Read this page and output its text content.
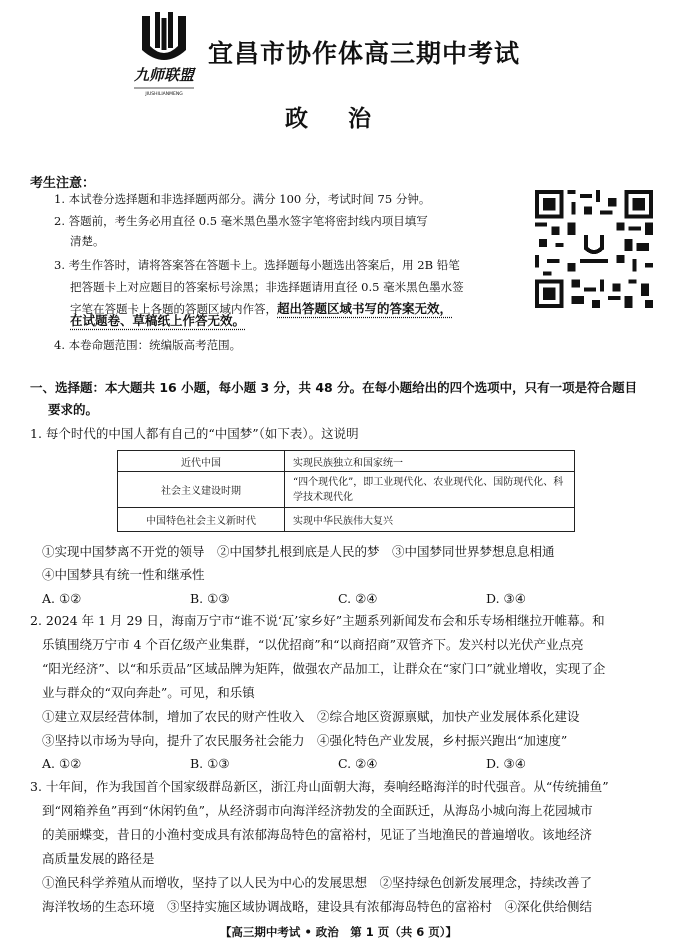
九师联盟
JIUSHILIANMENG
宜昌市协作体高三期中考试
政治
考生注意：
1. 本试卷分选择题和非选择题两部分。满分 100 分，考试时间 75 分钟。
2. 答题前，考生务必用直径 0.5 毫米黑色墨水签字笔将密封线内项目填写
清楚。
3. 考生作答时，请将答案答在答题卡上。选择题每小题选出答案后，用 2B 铅笔
把答题卡上对应题目的答案标号涂黑；非选择题请用直径 0.5 毫米黑色墨水签
字笔在答题卡上各题的答题区域内作答，超出答题区域书写的答案无效，
在试题卷、草稿纸上作答无效。
4. 本卷命题范围：统编版高考范围。
一、选择题：本大题共 16 小题，每小题 3 分，共 48 分。在每小题给出的四个选项中，只有一项是符合题目
要求的。
1. 每个时代的中国人都有自己的“中国梦”（如下表）。这说明
近代中国	实现民族独立和国家统一
社会主义建设时期	“四个现代化”，即工业现代化、农业现代化、国防现代化、科学技术现代化
中国特色社会主义新时代	实现中华民族伟大复兴
①实现中国梦离不开党的领导　②中国梦扎根到底是人民的梦　③中国梦同世界梦想息息相通
④中国梦具有统一性和继承性
A. ①②	B. ①③	C. ②④	D. ③④
2. 2024 年 1 月 29 日，海南万宁市“谁不说‘瓦’家乡好”主题系列新闻发布会和乐专场相继拉开帷幕。和
乐镇围绕万宁市 4 个百亿级产业集群，“以优招商”和“以商招商”双管齐下。发兴村以光伏产业点亮
“阳光经济”、以“和乐贡品”区域品牌为矩阵，做强农产品加工，让群众在“家门口”就业增收，实现了企
业与群众的“双向奔赴”。可见，和乐镇
①建立双层经营体制，增加了农民的财产性收入　②综合地区资源禀赋，加快产业发展体系化建设
③坚持以市场为导向，提升了农民服务社会能力　④强化特色产业发展，乡村振兴跑出“加速度”
A. ①②	B. ①③	C. ②④	D. ③④
3. 十年间，作为我国首个国家级群岛新区，浙江舟山面朝大海，奏响经略海洋的时代强音。从“传统捕鱼”
到“网箱养鱼”再到“休闲钓鱼”，从经济弱市向海洋经济勃发的全面跃迁，从海岛小城向海上花园城市
的美丽蝶变，昔日的小渔村变成具有浓郁海岛特色的富裕村，见证了当地渔民的普遍增收。该地经济
高质量发展的路径是
①渔民科学养殖从而增收，坚持了以人民为中心的发展思想　②坚持绿色创新发展理念，持续改善了
海洋牧场的生态环境　③坚持实施区域协调战略，建设具有浓郁海岛特色的富裕村　④深化供给侧结
【高三期中考试 • 政治　第 1 页（共 6 页）】
